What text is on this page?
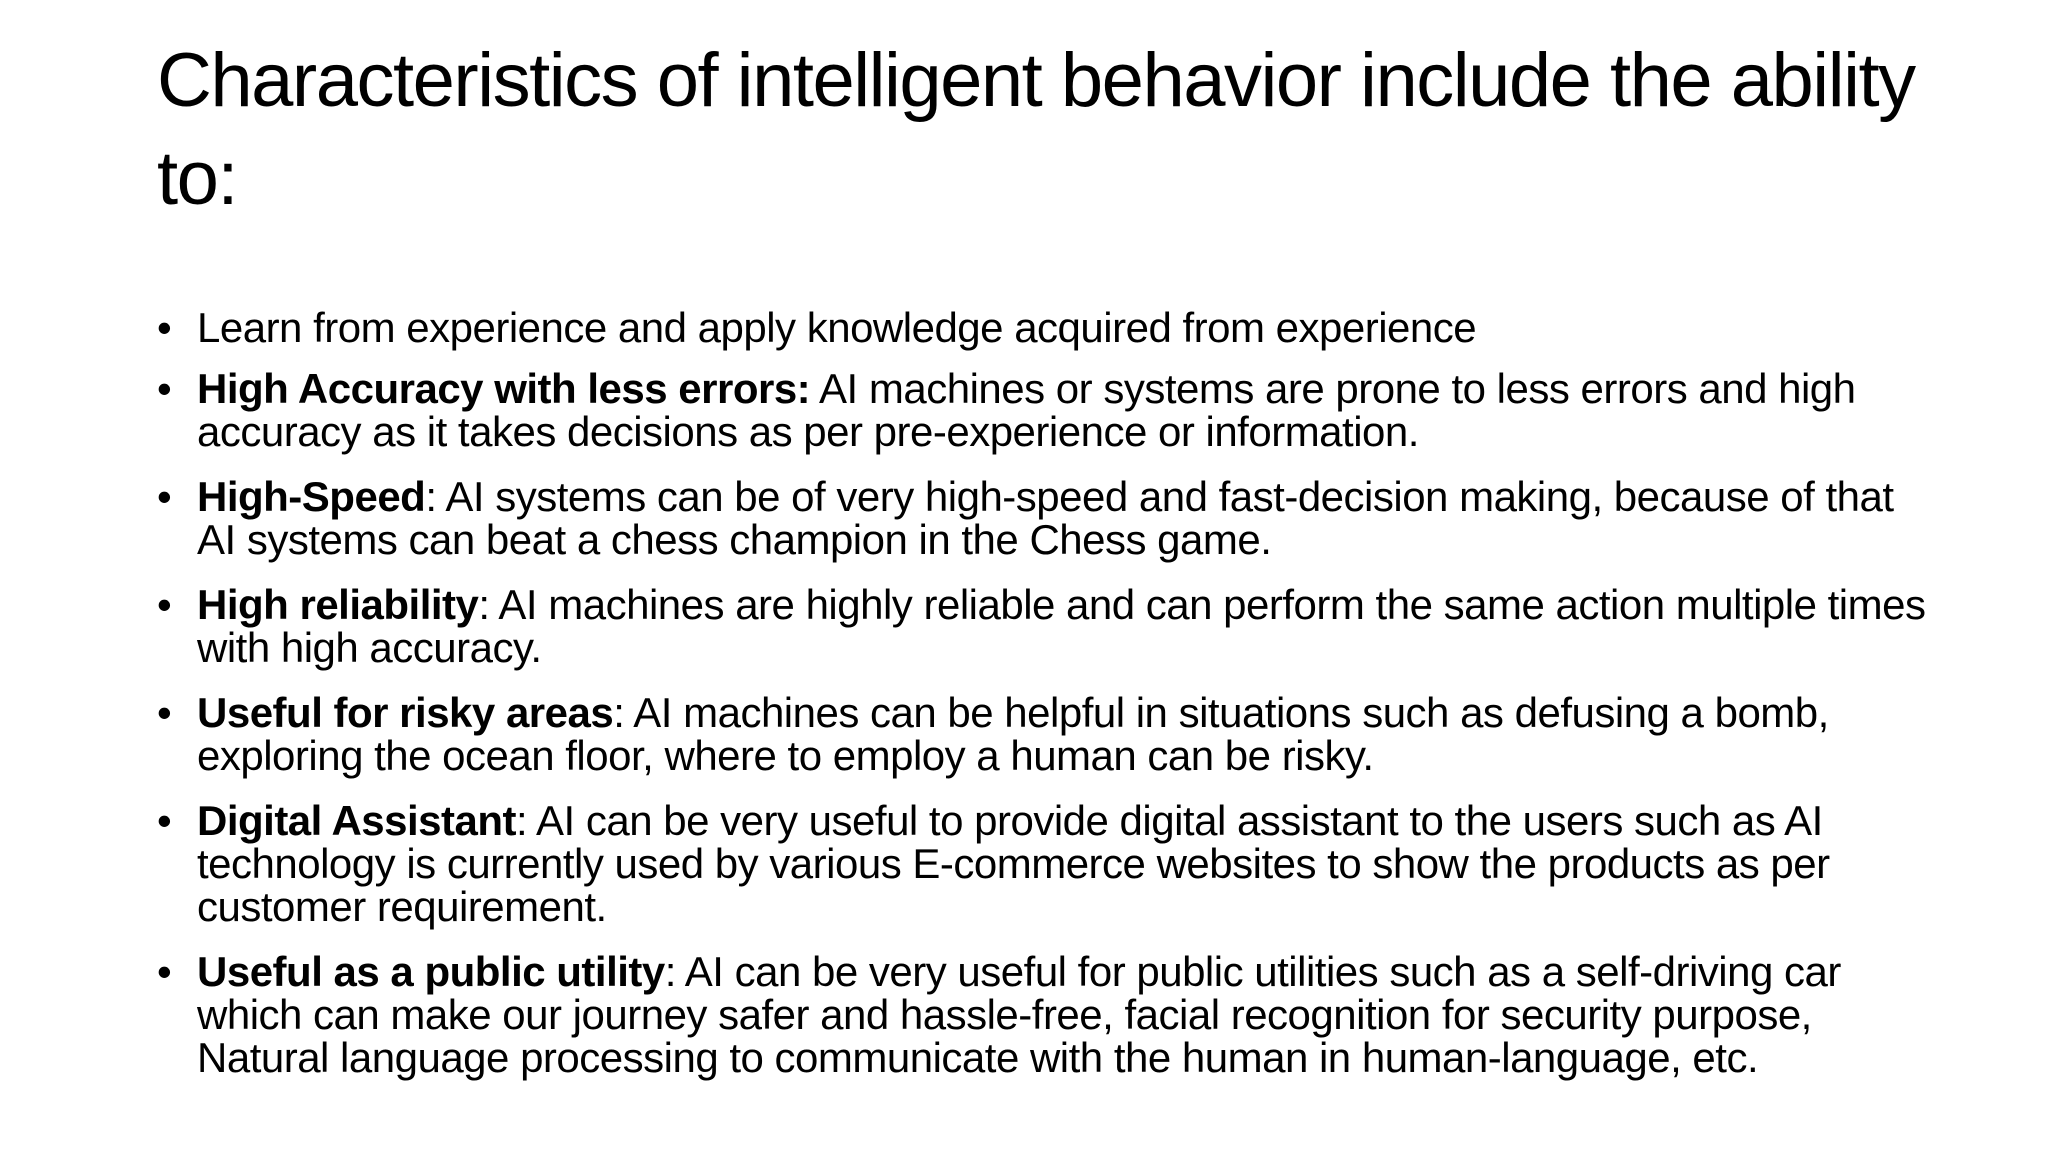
Characteristics of intelligent behavior include the ability to:
• Learn from experience and apply knowledge acquired from experience
• High Accuracy with less errors: AI machines or systems are prone to less errors and high accuracy as it takes decisions as per pre-experience or information.
• High-Speed: AI systems can be of very high-speed and fast-decision making, because of that AI systems can beat a chess champion in the Chess game.
• High reliability: AI machines are highly reliable and can perform the same action multiple times with high accuracy.
• Useful for risky areas: AI machines can be helpful in situations such as defusing a bomb, exploring the ocean floor, where to employ a human can be risky.
• Digital Assistant: AI can be very useful to provide digital assistant to the users such as AI technology is currently used by various E-commerce websites to show the products as per customer requirement.
• Useful as a public utility: AI can be very useful for public utilities such as a self-driving car which can make our journey safer and hassle-free, facial recognition for security purpose, Natural language processing to communicate with the human in human-language, etc.
